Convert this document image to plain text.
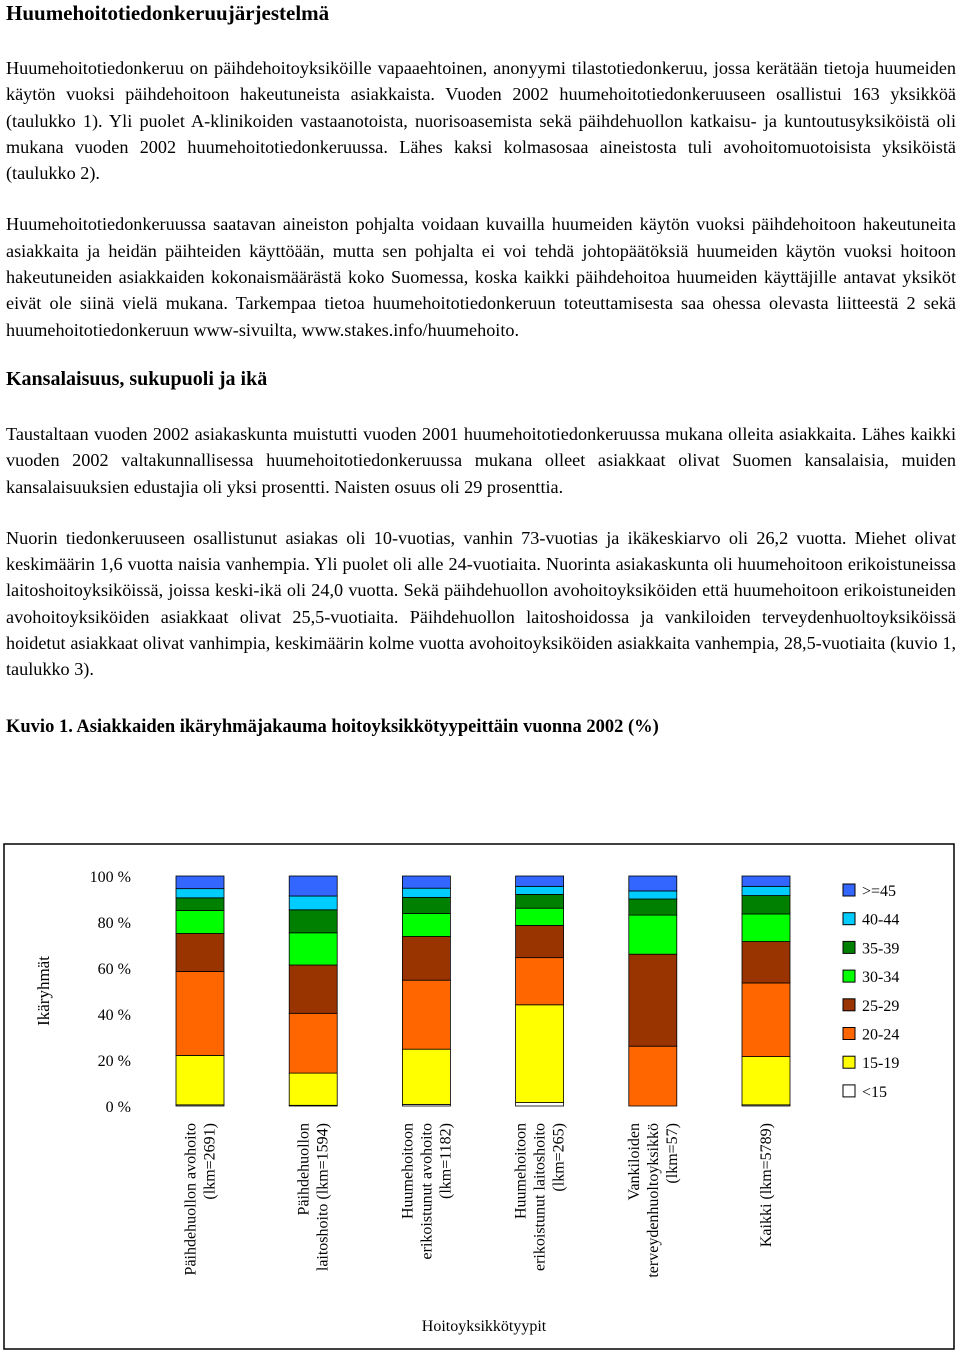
Huumehoitotiedonkeruujärjestelmä

Huumehoitotiedonkeruu on päihdehoitoyksiköille vapaaehtoinen, anonyymi tilastotiedonkeruu, jossa kerätään tietoja huumeiden käytön vuoksi päihdehoitoon hakeutuneista asiakkaista. Vuoden 2002 huumehoitotiedonkeruuseen osallistui 163 yksikköä (taulukko 1). Yli puolet A-klinikoiden vastaanotoista, nuorisoasemista sekä päihdehuollon katkaisu- ja kuntoutusyksiköistä oli mukana vuoden 2002 huumehoitotiedonkeruussa. Lähes kaksi kolmasosaa aineistosta tuli avohoitomuotoisista yksiköistä (taulukko 2).

Huumehoitotiedonkeruussa saatavan aineiston pohjalta voidaan kuvailla huumeiden käytön vuoksi päihdehoitoon hakeutuneita asiakkaita ja heidän päihteiden käyttöään, mutta sen pohjalta ei voi tehdä johtopäätöksiä huumeiden käytön vuoksi hoitoon hakeutuneiden asiakkaiden kokonaismäärästä koko Suomessa, koska kaikki päihdehoitoa huumeiden käyttäjille antavat yksiköt eivät ole siinä vielä mukana. Tarkempaa tietoa huumehoitotiedonkeruun toteuttamisesta saa ohessa olevasta liitteestä 2 sekä huumehoitotiedonkeruun www-sivuilta, www.stakes.info/huumehoito.

Kansalaisuus, sukupuoli ja ikä

Taustaltaan vuoden 2002 asiakaskunta muistutti vuoden 2001 huumehoitotiedonkeruussa mukana olleita asiakkaita. Lähes kaikki vuoden 2002 valtakunnallisessa huumehoitotiedonkeruussa mukana olleet asiakkaat olivat Suomen kansalaisia, muiden kansalaisuuksien edustajia oli yksi prosentti. Naisten osuus oli 29 prosenttia.

Nuorin tiedonkeruuseen osallistunut asiakas oli 10-vuotias, vanhin 73-vuotias ja ikäkeskiarvo oli 26,2 vuotta. Miehet olivat keskimäärin 1,6 vuotta naisia vanhempia. Yli puolet oli alle 24-vuotiaita. Nuorinta asiakaskunta oli huumehoitoon erikoistuneissa laitoshoitoyksiköissä, joissa keski-ikä oli 24,0 vuotta. Sekä päihdehuollon avohoitoyksiköiden että huumehoitoon erikoistuneiden avohoitoyksiköiden asiakkaat olivat 25,5-vuotiaita. Päihdehuollon laitoshoidossa ja vankiloiden terveydenhuoltoyksiköissä hoidetut asiakkaat olivat vanhimpia, keskimäärin kolme vuotta avohoitoyksiköiden asiakkaita vanhempia, 28,5-vuotiaita (kuvio 1, taulukko 3).

Kuvio 1. Asiakkaiden ikäryhmäjakauma hoitoyksikkötyypeittäin vuonna 2002 (%)
0 %
20 %
40 %
60 %
80 %
100 %
Ikäryhmät
Päihdehuollon avohoito (lkm=2691)	Päihdehuollon laitoshoito (lkm=1594)	Huumehoitoon erikoistunut avohoito (lkm=1182)	Huumehoitoon erikoistunut laitoshoito (lkm=265)	Vankiloiden terveydenhuoltoyksikkö (lkm=57)	Kaikki (lkm=5789)
Hoitoyksikkötyypit
>=45
40-44
35-39
30-34
25-29
20-24
15-19
<15
